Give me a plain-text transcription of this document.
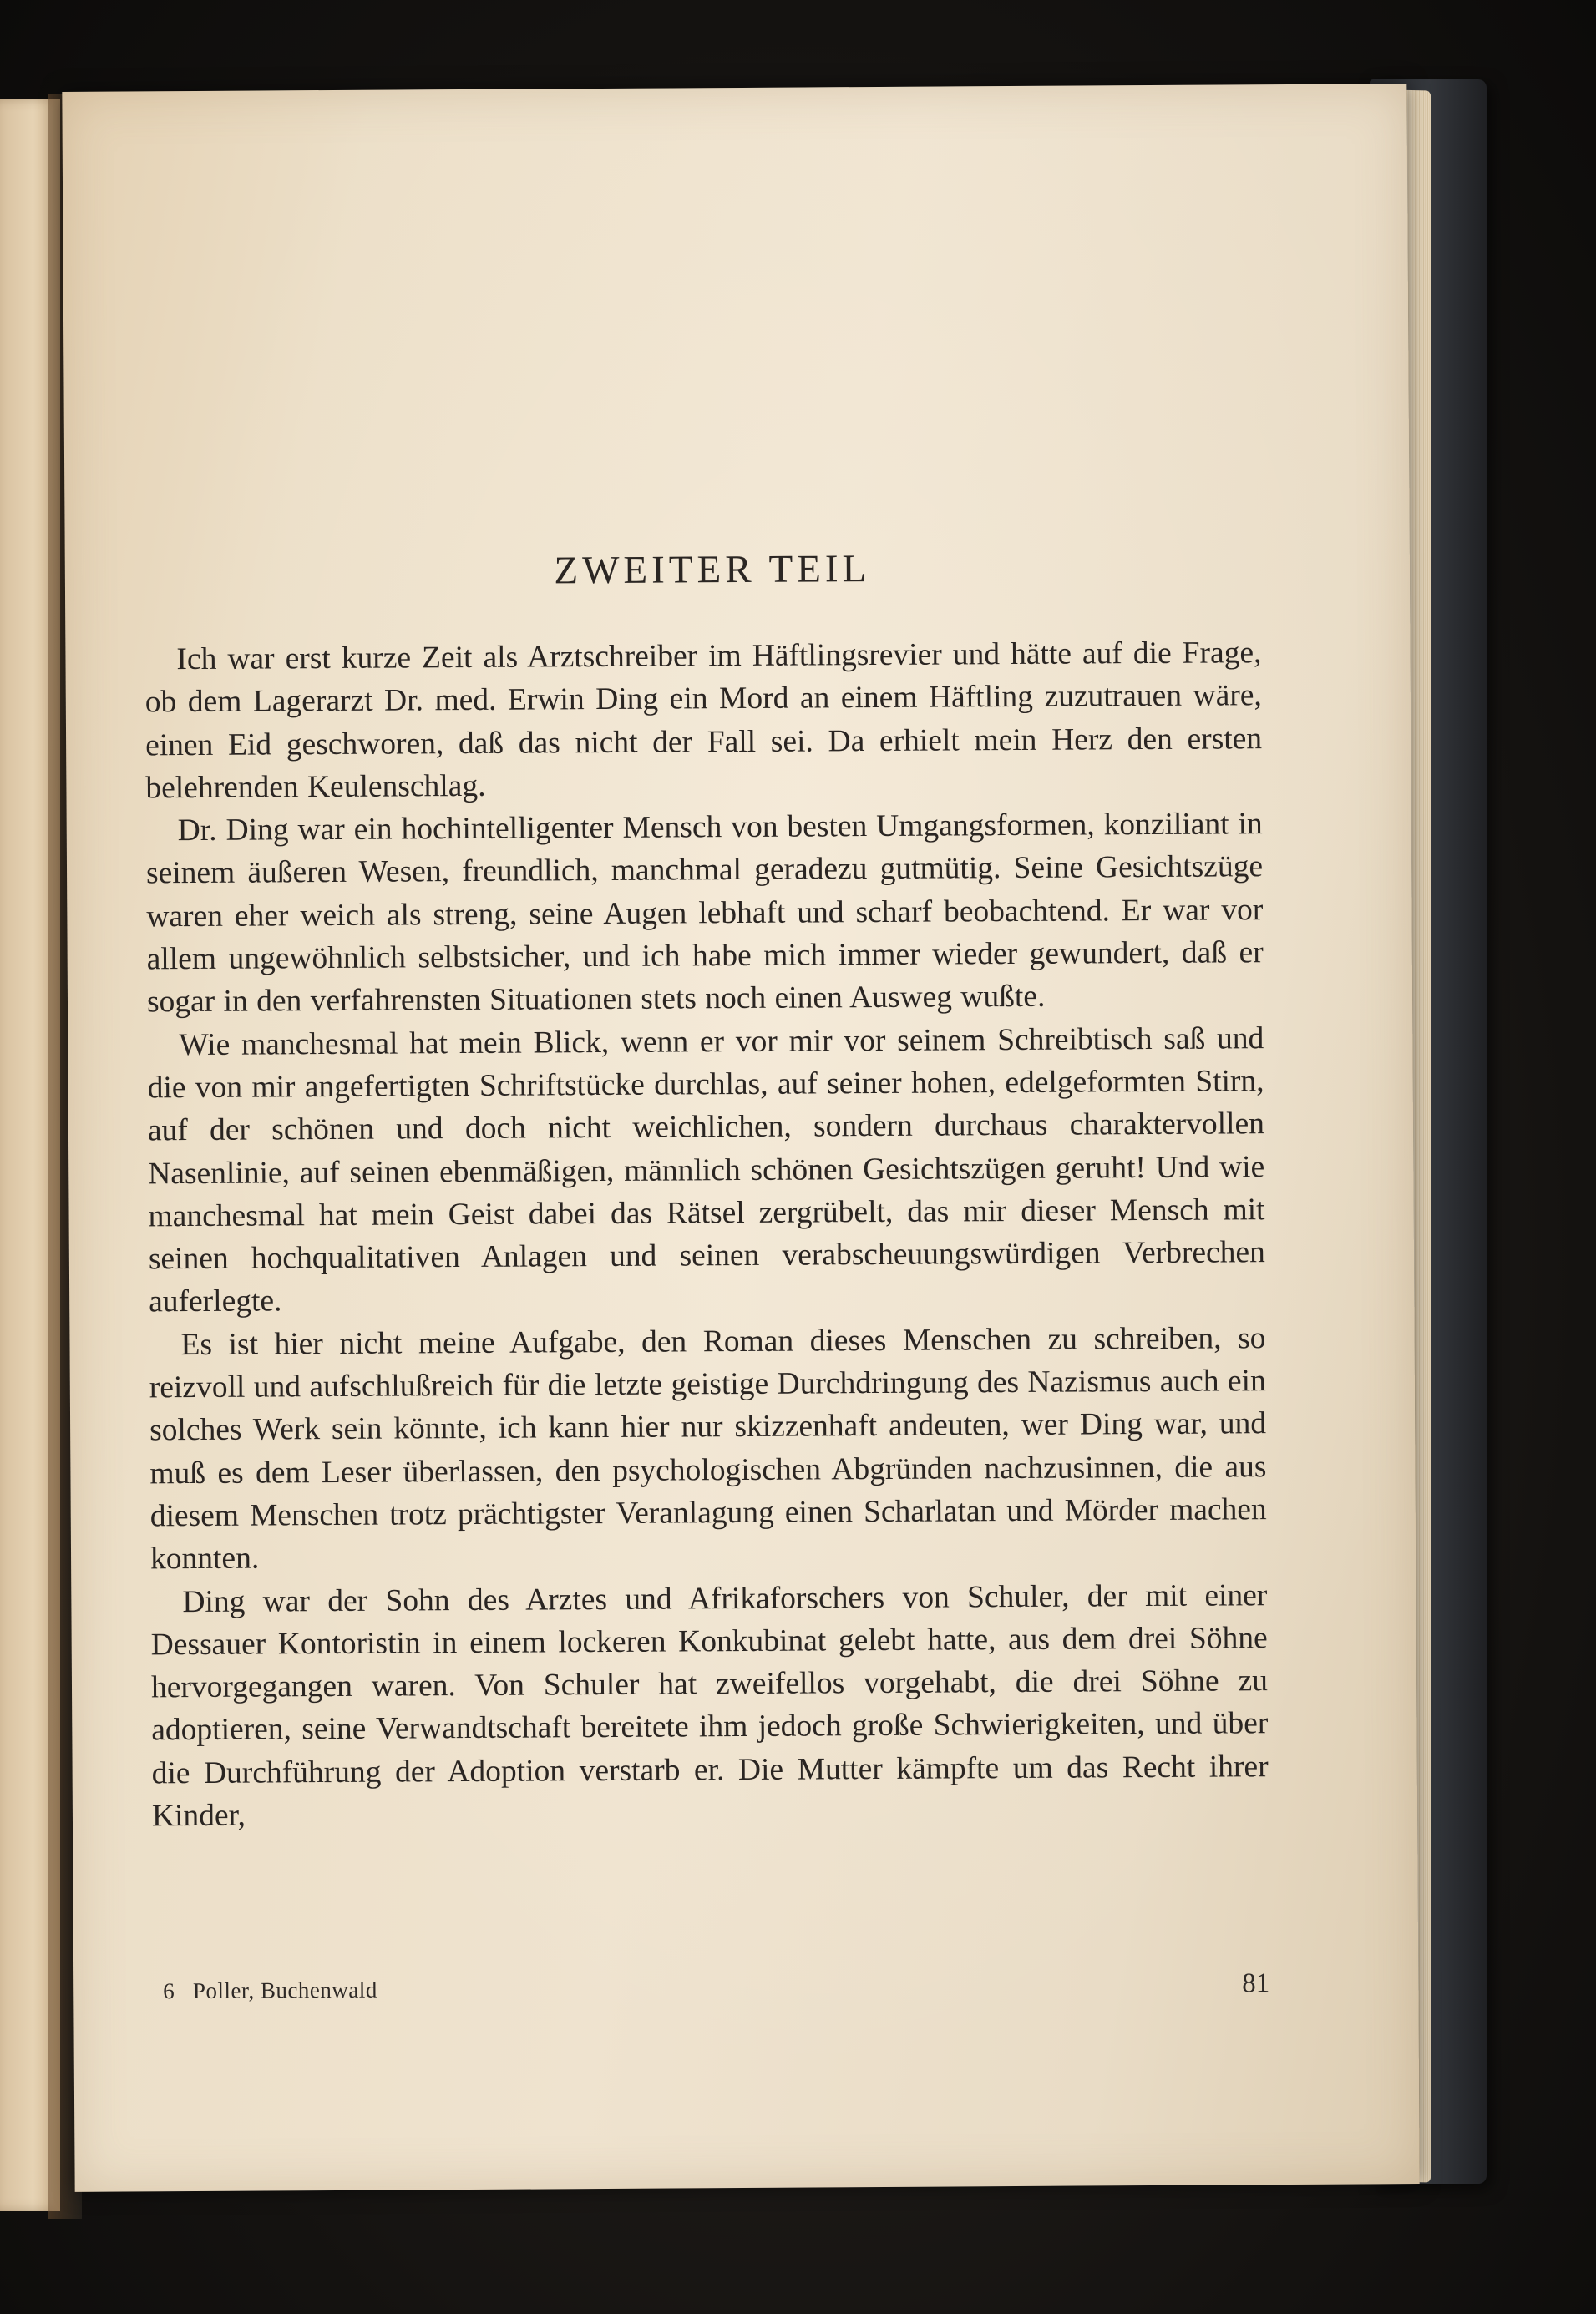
ZWEITER TEIL

Ich war erst kurze Zeit als Arztschreiber im Häftlingsrevier und hätte auf die Frage, ob dem Lagerarzt Dr. med. Erwin Ding ein Mord an einem Häftling zuzutrauen wäre, einen Eid geschworen, daß das nicht der Fall sei. Da erhielt mein Herz den ersten belehrenden Keulenschlag.

Dr. Ding war ein hochintelligenter Mensch von besten Umgangsformen, konziliant in seinem äußeren Wesen, freundlich, manchmal geradezu gutmütig. Seine Gesichtszüge waren eher weich als streng, seine Augen lebhaft und scharf beobachtend. Er war vor allem ungewöhnlich selbstsicher, und ich habe mich immer wieder gewundert, daß er sogar in den verfahrensten Situationen stets noch einen Ausweg wußte.

Wie manchesmal hat mein Blick, wenn er vor mir vor seinem Schreibtisch saß und die von mir angefertigten Schriftstücke durchlas, auf seiner hohen, edelgeformten Stirn, auf der schönen und doch nicht weichlichen, sondern durchaus charaktervollen Nasenlinie, auf seinen ebenmäßigen, männlich schönen Gesichtszügen geruht! Und wie manchesmal hat mein Geist dabei das Rätsel zergrübelt, das mir dieser Mensch mit seinen hochqualitativen Anlagen und seinen verabscheuungswürdigen Verbrechen auferlegte.

Es ist hier nicht meine Aufgabe, den Roman dieses Menschen zu schreiben, so reizvoll und aufschlußreich für die letzte geistige Durchdringung des Nazismus auch ein solches Werk sein könnte, ich kann hier nur skizzenhaft andeuten, wer Ding war, und muß es dem Leser überlassen, den psychologischen Abgründen nachzusinnen, die aus diesem Menschen trotz prächtigster Veranlagung einen Scharlatan und Mörder machen konnten.

Ding war der Sohn des Arztes und Afrikaforschers von Schuler, der mit einer Dessauer Kontoristin in einem lockeren Konkubinat gelebt hatte, aus dem drei Söhne hervorgegangen waren. Von Schuler hat zweifellos vorgehabt, die drei Söhne zu adoptieren, seine Verwandtschaft bereitete ihm jedoch große Schwierigkeiten, und über die Durchführung der Adoption verstarb er. Die Mutter kämpfte um das Recht ihrer Kinder,

6   Poller, Buchenwald	81
